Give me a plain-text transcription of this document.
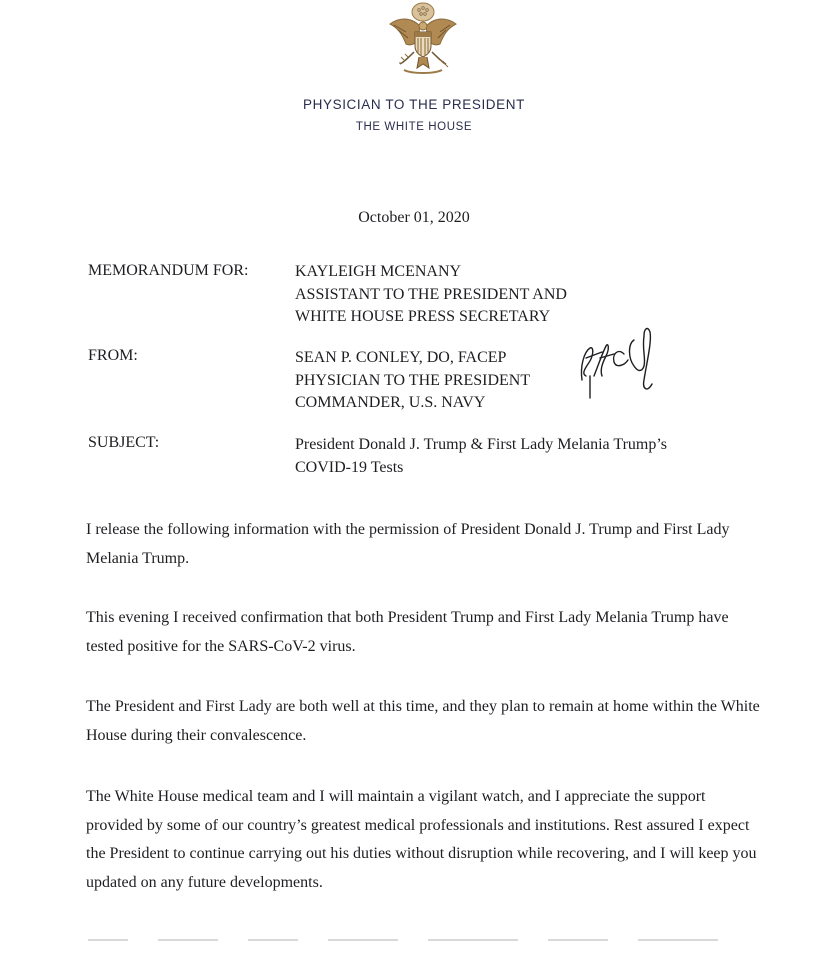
PHYSICIAN TO THE PRESIDENT
THE WHITE HOUSE
October 01, 2020
MEMORANDUM FOR:	KAYLEIGH MCENANY
ASSISTANT TO THE PRESIDENT AND
WHITE HOUSE PRESS SECRETARY
FROM:	SEAN P. CONLEY, DO, FACEP
PHYSICIAN TO THE PRESIDENT
COMMANDER, U.S. NAVY
SUBJECT:	President Donald J. Trump & First Lady Melania Trump’s
COVID-19 Tests

I release the following information with the permission of President Donald J. Trump and First Lady Melania Trump.

This evening I received confirmation that both President Trump and First Lady Melania Trump have tested positive for the SARS-CoV-2 virus.

The President and First Lady are both well at this time, and they plan to remain at home within the White House during their convalescence.

The White House medical team and I will maintain a vigilant watch, and I appreciate the support provided by some of our country’s greatest medical professionals and institutions. Rest assured I expect the President to continue carrying out his duties without disruption while recovering, and I will keep you updated on any future developments.
